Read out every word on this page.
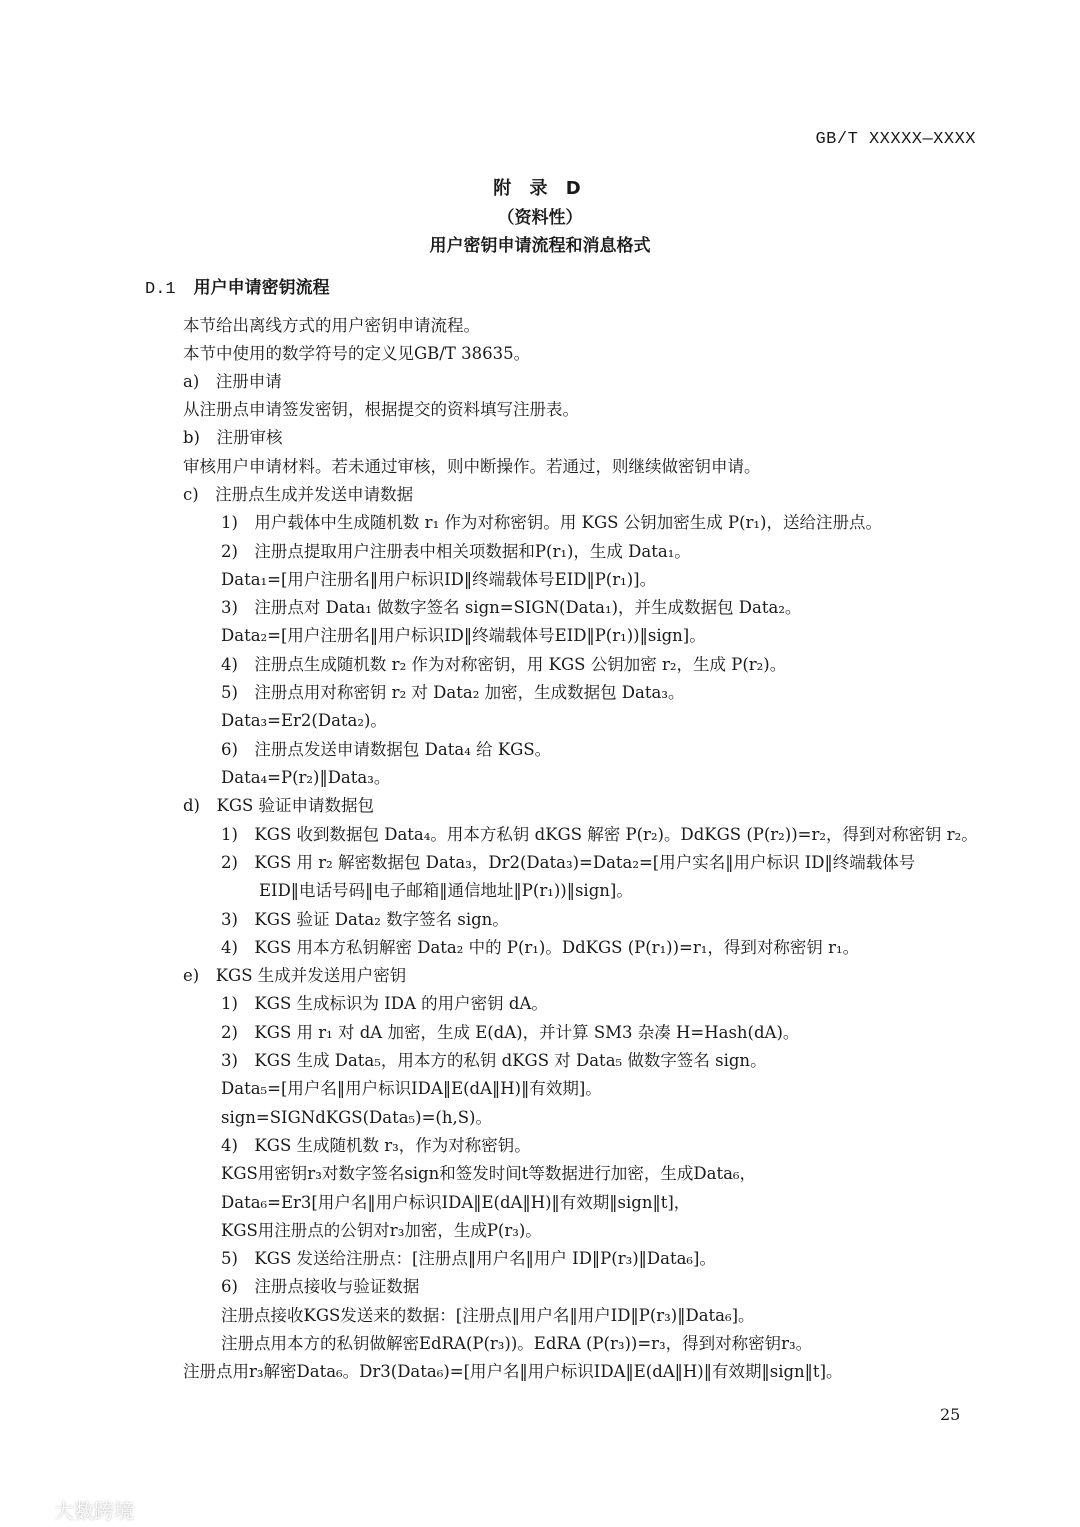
GB/T XXXXX—XXXX
附 录 D
（资料性）
用户密钥申请流程和消息格式
D.1 用户申请密钥流程
本节给出离线方式的用户密钥申请流程。
本节中使用的数学符号的定义见GB/T 38635。
a)　注册申请
从注册点申请签发密钥，根据提交的资料填写注册表。
b)　注册审核
审核用户申请材料。若未通过审核，则中断操作。若通过，则继续做密钥申请。
c)　注册点生成并发送申请数据
1)　用户载体中生成随机数 r₁ 作为对称密钥。用 KGS 公钥加密生成 P(r₁)，送给注册点。
2)　注册点提取用户注册表中相关项数据和P(r₁)，生成 Data₁。
Data₁=[用户注册名‖用户标识ID‖终端载体号EID‖P(r₁)]。
3)　注册点对 Data₁ 做数字签名 sign=SIGN(Data₁)，并生成数据包 Data₂。
Data₂=[用户注册名‖用户标识ID‖终端载体号EID‖P(r₁))‖sign]。
4)　注册点生成随机数 r₂ 作为对称密钥，用 KGS 公钥加密 r₂，生成 P(r₂)。
5)　注册点用对称密钥 r₂ 对 Data₂ 加密，生成数据包 Data₃。
Data₃=Er2(Data₂)。
6)　注册点发送申请数据包 Data₄ 给 KGS。
Data₄=P(r₂)‖Data₃。
d)　KGS 验证申请数据包
1)　KGS 收到数据包 Data₄。用本方私钥 dKGS 解密 P(r₂)。DdKGS (P(r₂))=r₂，得到对称密钥 r₂。
2)　KGS 用 r₂ 解密数据包 Data₃，Dr2(Data₃)=Data₂=[用户实名‖用户标识 ID‖终端载体号
EID‖电话号码‖电子邮箱‖通信地址‖P(r₁))‖sign]。
3)　KGS 验证 Data₂ 数字签名 sign。
4)　KGS 用本方私钥解密 Data₂ 中的 P(r₁)。DdKGS (P(r₁))=r₁，得到对称密钥 r₁。
e)　KGS 生成并发送用户密钥
1)　KGS 生成标识为 IDA 的用户密钥 dA。
2)　KGS 用 r₁ 对 dA 加密，生成 E(dA)，并计算 SM3 杂凑 H=Hash(dA)。
3)　KGS 生成 Data₅，用本方的私钥 dKGS 对 Data₅ 做数字签名 sign。
Data₅=[用户名‖用户标识IDA‖E(dA‖H)‖有效期]。
sign=SIGNdKGS(Data₅)=(h,S)。
4)　KGS 生成随机数 r₃，作为对称密钥。
KGS用密钥r₃对数字签名sign和签发时间t等数据进行加密，生成Data₆，
Data₆=Er3[用户名‖用户标识IDA‖E(dA‖H)‖有效期‖sign‖t]，
KGS用注册点的公钥对r₃加密，生成P(r₃)。
5)　KGS 发送给注册点：[注册点‖用户名‖用户 ID‖P(r₃)‖Data₆]。
6)　注册点接收与验证数据
注册点接收KGS发送来的数据：[注册点‖用户名‖用户ID‖P(r₃)‖Data₆]。
注册点用本方的私钥做解密EdRA(P(r₃))。EdRA (P(r₃))=r₃，得到对称密钥r₃。
注册点用r₃解密Data₆。Dr3(Data₆)=[用户名‖用户标识IDA‖E(dA‖H)‖有效期‖sign‖t]。
25
大数跨境
